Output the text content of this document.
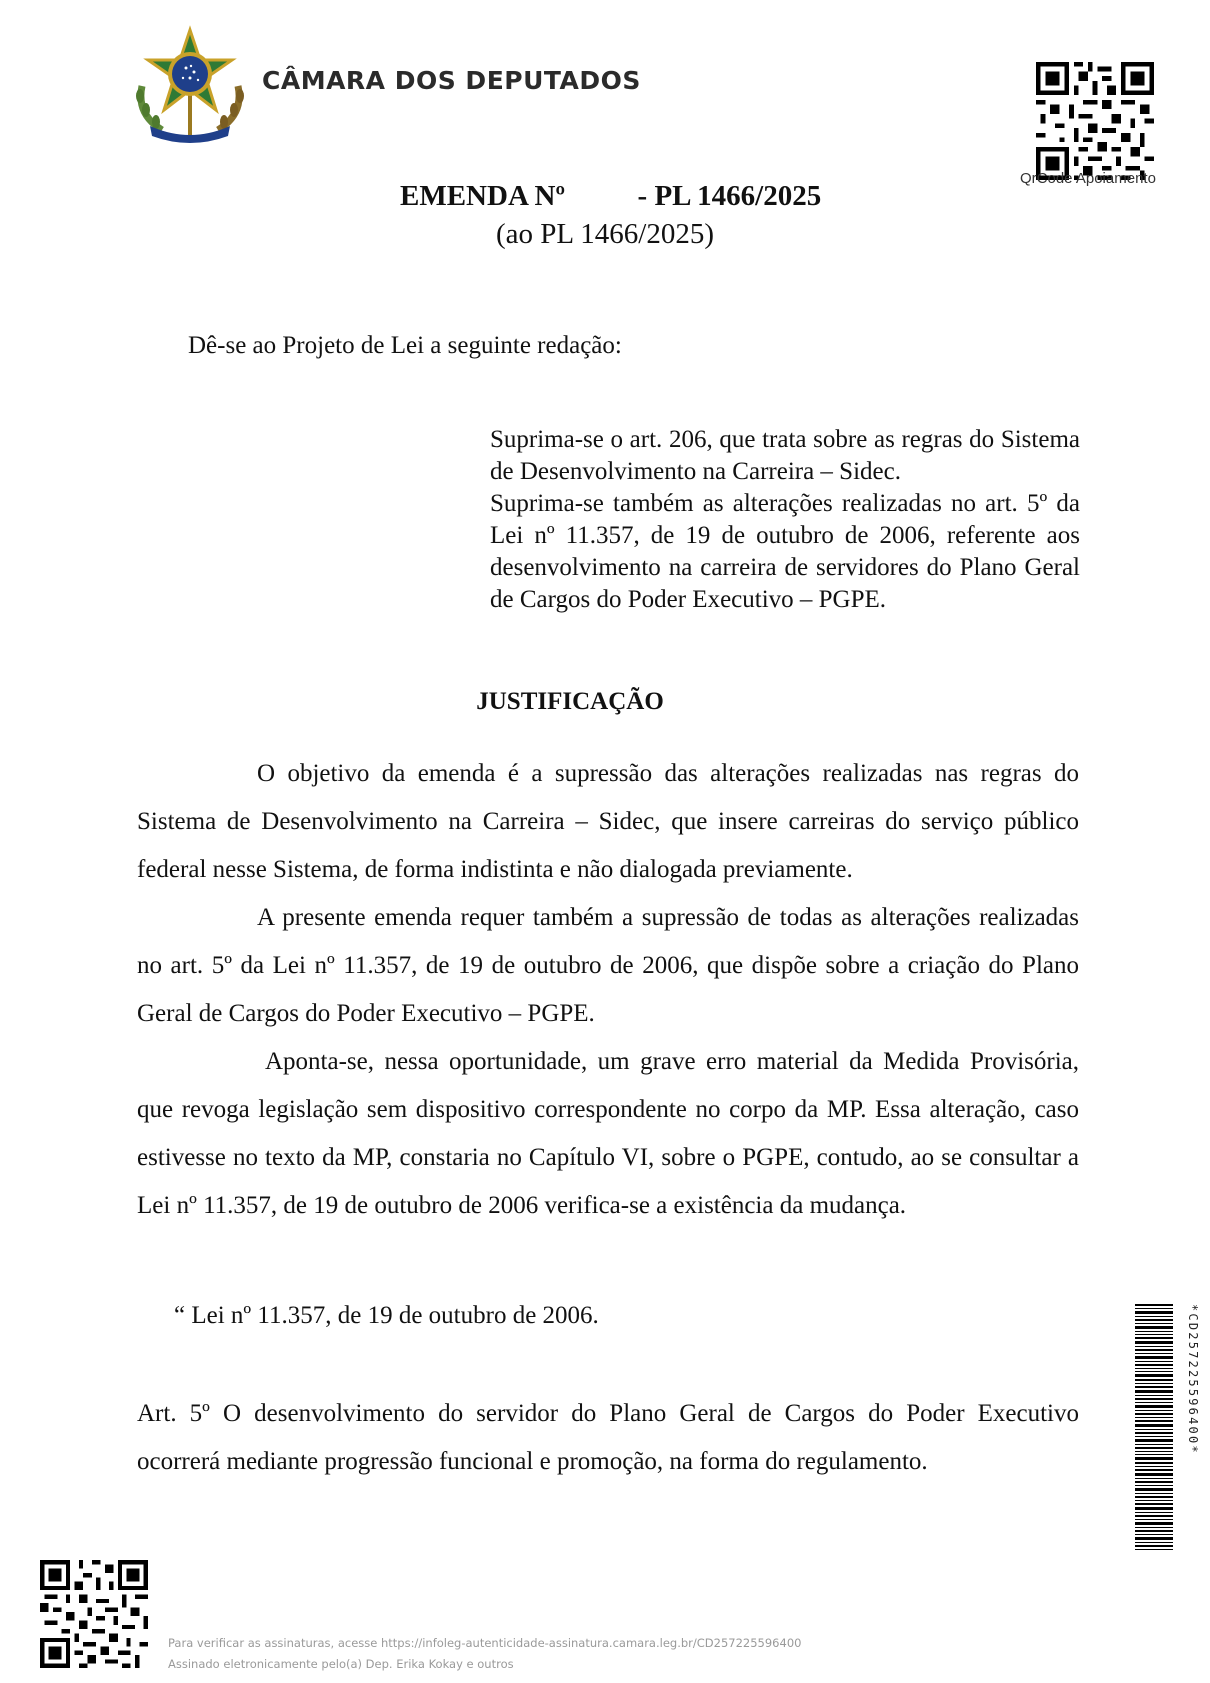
CÂMARA DOS DEPUTADOS
QrCode Apoiamento
EMENDA Nº          - PL 1466/2025
(ao PL 1466/2025)
Dê-se ao Projeto de Lei a seguinte redação:

Suprima-se o art. 206, que trata sobre as regras do Sistema de Desenvolvimento na Carreira – Sidec.

Suprima-se também as alterações realizadas no art. 5º da Lei nº 11.357, de 19 de outubro de 2006, referente aos desenvolvimento na carreira de servidores do Plano Geral de Cargos do Poder Executivo – PGPE.

JUSTIFICAÇÃO

O objetivo da emenda é a supressão das alterações realizadas nas regras do Sistema de Desenvolvimento na Carreira – Sidec, que insere carreiras do serviço público federal nesse Sistema, de forma indistinta e não dialogada previamente.

A presente emenda requer também a supressão de todas as alterações realizadas no art. 5º da Lei nº 11.357, de 19 de outubro de 2006, que dispõe sobre a criação do Plano Geral de Cargos do Poder Executivo – PGPE.

Aponta-se, nessa oportunidade, um grave erro material da Medida Provisória, que revoga legislação sem dispositivo correspondente no corpo da MP. Essa alteração, caso estivesse no texto da MP, constaria no Capítulo VI, sobre o PGPE, contudo, ao se consultar a Lei nº 11.357, de 19 de outubro de 2006 verifica-se a existência da mudança.

“ Lei nº 11.357, de 19 de outubro de 2006.

Art. 5º O desenvolvimento do servidor do Plano Geral de Cargos do Poder Executivo ocorrerá mediante progressão funcional e promoção, na forma do regulamento.

*CD257225596400*
Para verificar as assinaturas, acesse https://infoleg-autenticidade-assinatura.camara.leg.br/CD257225596400
Assinado eletronicamente pelo(a) Dep. Erika Kokay e outros
